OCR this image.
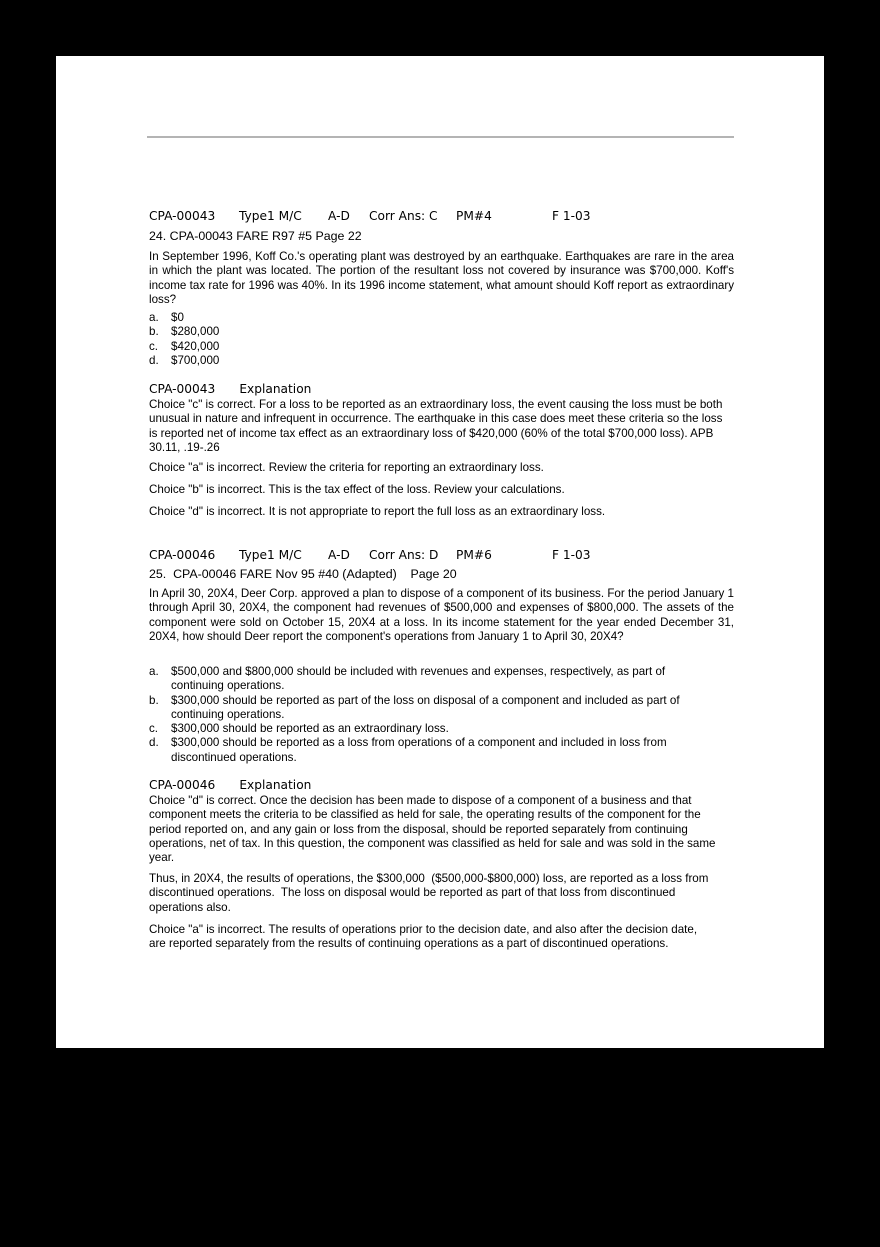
CPA-00043 Type1 M/C A-D Corr Ans: C PM#4	F 1-03
24. CPA-00043 FARE R97 #5 Page 22
In September 1996, Koff Co.'s operating plant was destroyed by an earthquake. Earthquakes are rare in the area in which the plant was located. The portion of the resultant loss not covered by insurance was $700,000. Koff's income tax rate for 1996 was 40%. In its 1996 income statement, what amount should Koff report as extraordinary loss?
a. $0
b. $280,000
c. $420,000
d. $700,000
CPA-00043 Explanation
Choice "c" is correct. For a loss to be reported as an extraordinary loss, the event causing the loss must be both unusual in nature and infrequent in occurrence. The earthquake in this case does meet these criteria so the loss is reported net of income tax effect as an extraordinary loss of $420,000 (60% of the total $700,000 loss). APB 30.11, .19-.26
Choice "a" is incorrect. Review the criteria for reporting an extraordinary loss.
Choice "b" is incorrect. This is the tax effect of the loss. Review your calculations.
Choice "d" is incorrect. It is not appropriate to report the full loss as an extraordinary loss.
CPA-00046 Type1 M/C A-D Corr Ans: D PM#6	F 1-03
25.  CPA-00046 FARE Nov 95 #40 (Adapted)    Page 20
In April 30, 20X4, Deer Corp. approved a plan to dispose of a component of its business. For the period January 1 through April 30, 20X4, the component had revenues of $500,000 and expenses of $800,000. The assets of the component were sold on October 15, 20X4 at a loss. In its income statement for the year ended December 31, 20X4, how should Deer report the component's operations from January 1 to April 30, 20X4?
a. $500,000 and $800,000 should be included with revenues and expenses, respectively, as part of continuing operations.
b. $300,000 should be reported as part of the loss on disposal of a component and included as part of continuing operations.
c. $300,000 should be reported as an extraordinary loss.
d. $300,000 should be reported as a loss from operations of a component and included in loss from discontinued operations.
CPA-00046 Explanation
Choice "d" is correct. Once the decision has been made to dispose of a component of a business and that component meets the criteria to be classified as held for sale, the operating results of the component for the period reported on, and any gain or loss from the disposal, should be reported separately from continuing operations, net of tax. In this question, the component was classified as held for sale and was sold in the same year.
Thus, in 20X4, the results of operations, the $300,000  ($500,000-$800,000) loss, are reported as a loss from discontinued operations.  The loss on disposal would be reported as part of that loss from discontinued operations also.
Choice "a" is incorrect. The results of operations prior to the decision date, and also after the decision date, are reported separately from the results of continuing operations as a part of discontinued operations.
